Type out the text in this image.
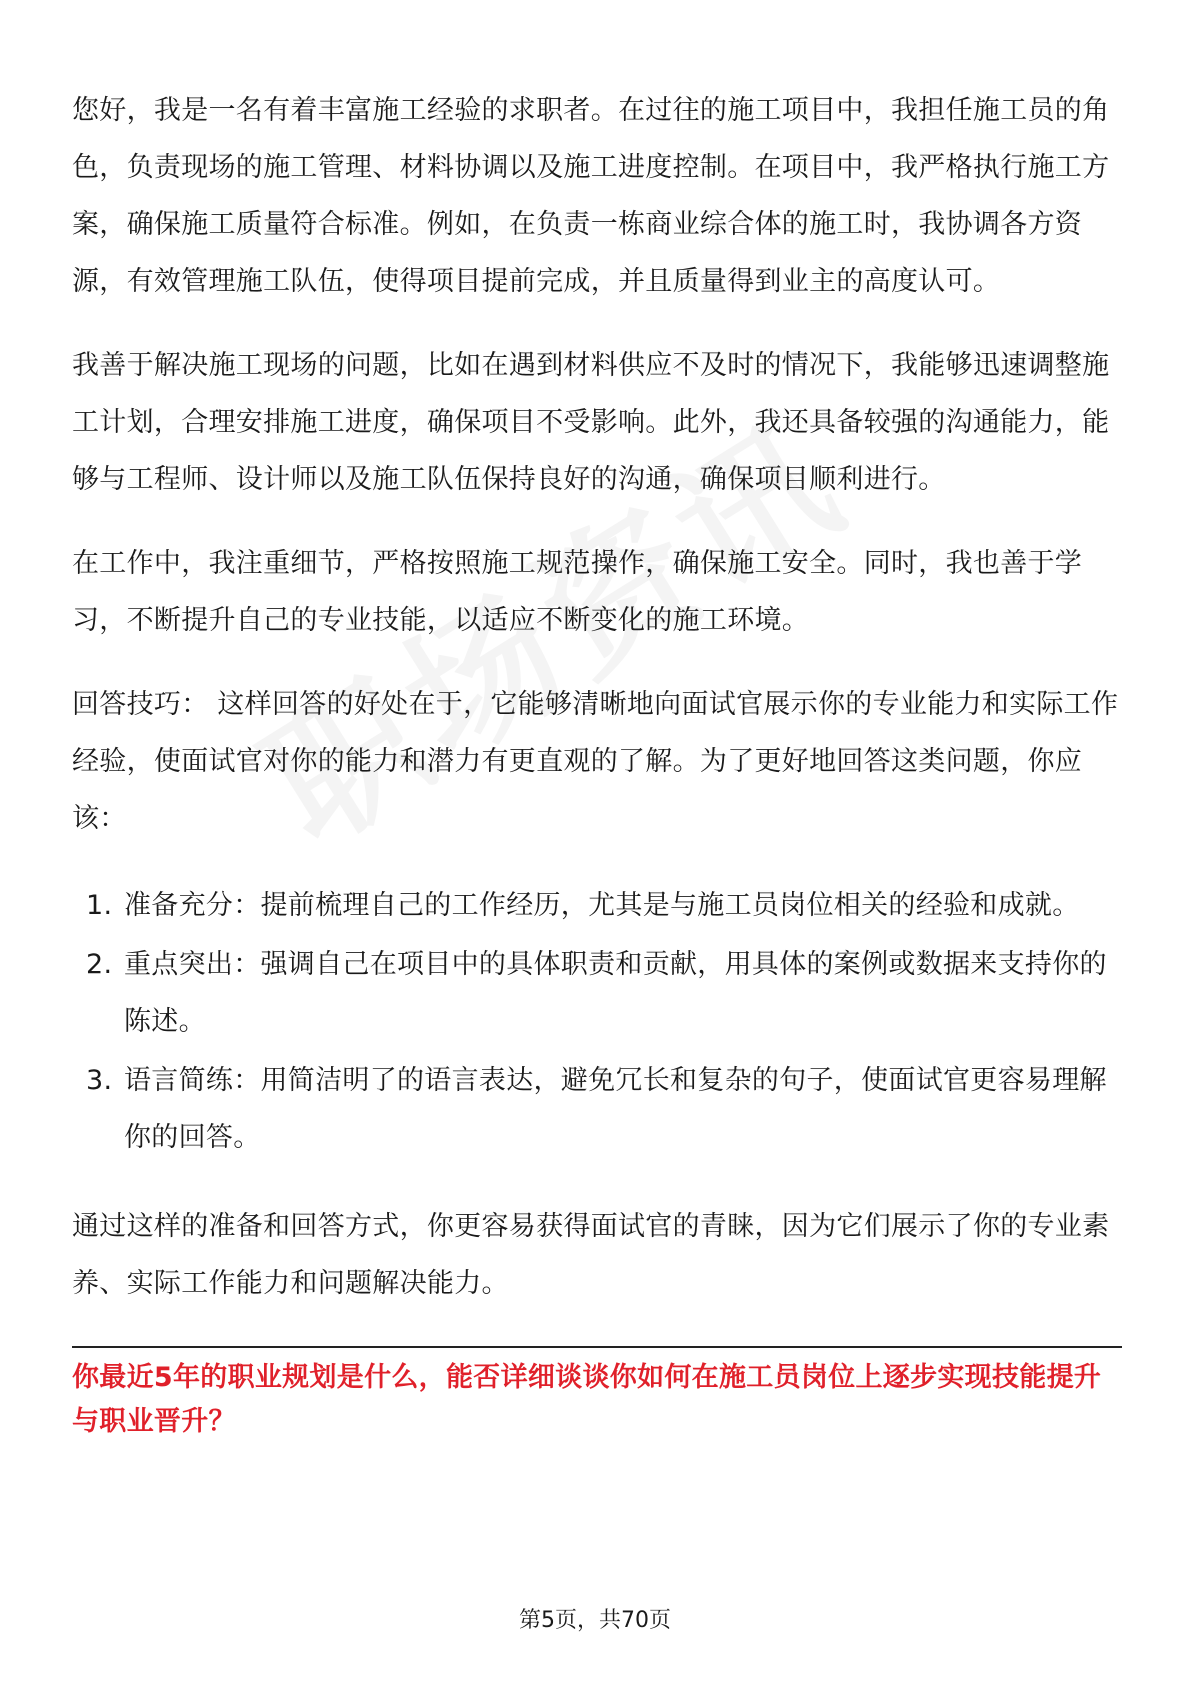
您好，我是一名有着丰富施工经验的求职者。在过往的施工项目中，我担任施工员的角色，负责现场的施工管理、材料协调以及施工进度控制。在项目中，我严格执行施工方案，确保施工质量符合标准。例如，在负责一栋商业综合体的施工时，我协调各方资源，有效管理施工队伍，使得项目提前完成，并且质量得到业主的高度认可。

我善于解决施工现场的问题，比如在遇到材料供应不及时的情况下，我能够迅速调整施工计划，合理安排施工进度，确保项目不受影响。此外，我还具备较强的沟通能力，能够与工程师、设计师以及施工队伍保持良好的沟通，确保项目顺利进行。

在工作中，我注重细节，严格按照施工规范操作，确保施工安全。同时，我也善于学习，不断提升自己的专业技能，以适应不断变化的施工环境。

回答技巧： 这样回答的好处在于，它能够清晰地向面试官展示你的专业能力和实际工作经验，使面试官对你的能力和潜力有更直观的了解。为了更好地回答这类问题，你应该：

1. 准备充分：提前梳理自己的工作经历，尤其是与施工员岗位相关的经验和成就。
2. 重点突出：强调自己在项目中的具体职责和贡献，用具体的案例或数据来支持你的陈述。
3. 语言简练：用简洁明了的语言表达，避免冗长和复杂的句子，使面试官更容易理解你的回答。

通过这样的准备和回答方式，你更容易获得面试官的青睐，因为它们展示了你的专业素养、实际工作能力和问题解决能力。

你最近5年的职业规划是什么，能否详细谈谈你如何在施工员岗位上逐步实现技能提升与职业晋升？

第5页，共70页
